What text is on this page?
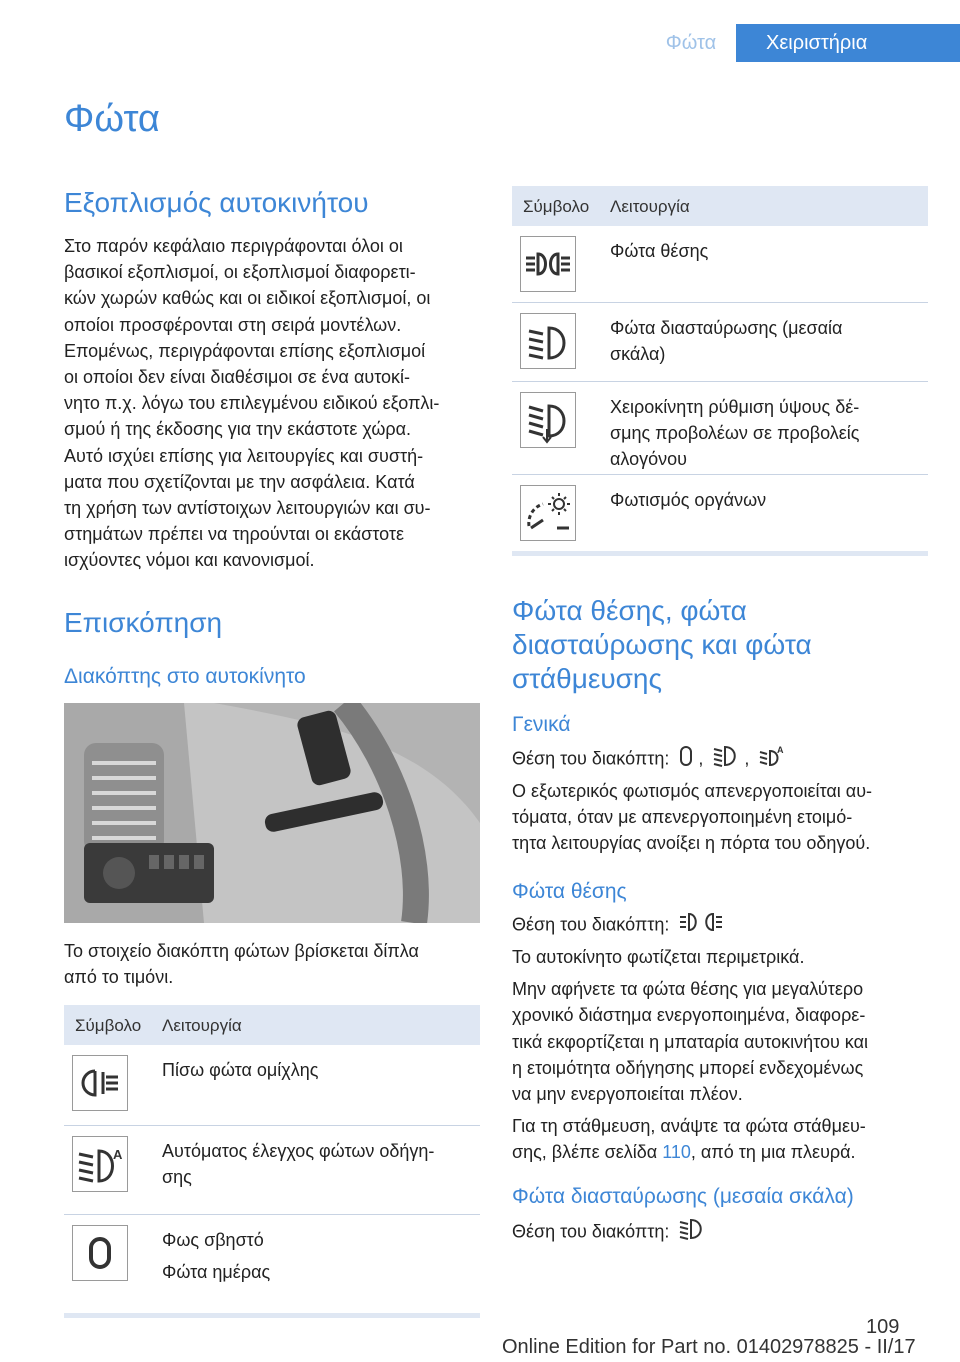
Φώτα	Χειριστήρια
Φώτα
Εξοπλισμός αυτοκινήτου
Στο παρόν κεφάλαιο περιγράφονται όλοι οι
βασικοί εξοπλισμοί, οι εξοπλισμοί διαφορετι-
κών χωρών καθώς και οι ειδικοί εξοπλισμοί, οι
οποίοι προσφέρονται στη σειρά μοντέλων.
Επομένως, περιγράφονται επίσης εξοπλισμοί
οι οποίοι δεν είναι διαθέσιμοι σε ένα αυτοκί-
νητο π.χ. λόγω του επιλεγμένου ειδικού εξοπλι-
σμού ή της έκδοσης για την εκάστοτε χώρα.
Αυτό ισχύει επίσης για λειτουργίες και συστή-
ματα που σχετίζονται με την ασφάλεια. Κατά
τη χρήση των αντίστοιχων λειτουργιών και συ-
στημάτων πρέπει να τηρούνται οι εκάστοτε
ισχύοντες νόμοι και κανονισμοί.
Επισκόπηση
Διακόπτης στο αυτοκίνητο
Το στοιχείο διακόπτη φώτων βρίσκεται δίπλα
από το τιμόνι.
Σύμβολο Λειτουργία
Πίσω φώτα ομίχλης
A Αυτόματος έλεγχος φώτων οδήγη-
σης
Φως σβηστό
Φώτα ημέρας
Σύμβολο Λειτουργία
Φώτα θέσης
Φώτα διασταύρωσης (μεσαία
σκάλα)
Χειροκίνητη ρύθμιση ύψους δέ-
σμης προβολέων σε προβολείς
αλογόνου
Φωτισμός οργάνων
Φώτα θέσης, φώτα
διασταύρωσης και φώτα
στάθμευσης
Γενικά
Θέση του διακόπτη: , ,	A
Ο εξωτερικός φωτισμός απενεργοποιείται αυ-
τόματα, όταν με απενεργοποιημένη ετοιμό-
τητα λειτουργίας ανοίξει η πόρτα του οδηγού.
Φώτα θέσης
Θέση του διακόπτη:
Το αυτοκίνητο φωτίζεται περιμετρικά.
Μην αφήνετε τα φώτα θέσης για μεγαλύτερο
χρονικό διάστημα ενεργοποιημένα, διαφορε-
τικά εκφορτίζεται η μπαταρία αυτοκινήτου και
η ετοιμότητα οδήγησης μπορεί ενδεχομένως
να μην ενεργοποιείται πλέον.
Για τη στάθμευση, ανάψτε τα φώτα στάθμευ-
σης, βλέπε σελίδα 110, από τη μια πλευρά.
Φώτα διασταύρωσης (μεσαία σκάλα)
Θέση του διακόπτη:
109
Online Edition for Part no. 01402978825 - II/17
